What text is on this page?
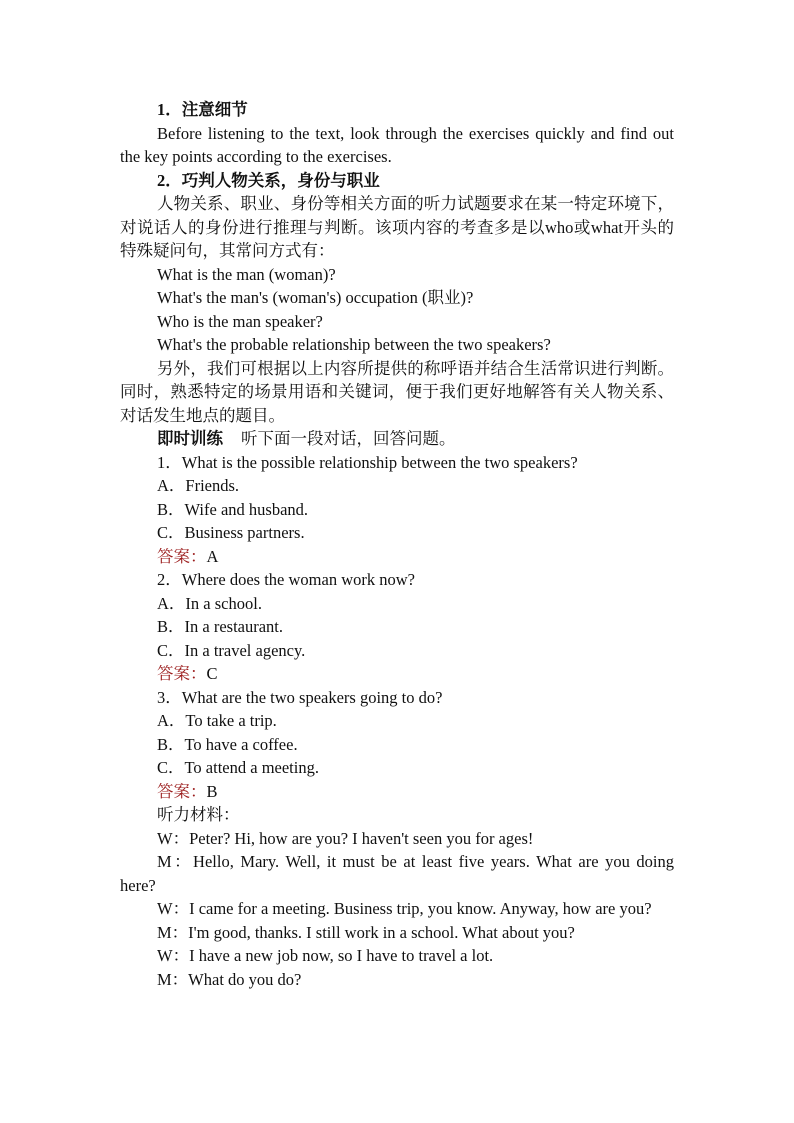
1．注意细节
Before listening to the text, look through the exercises quickly and find out the key points according to the exercises.
2．巧判人物关系，身份与职业
人物关系、职业、身份等相关方面的听力试题要求在某一特定环境下，对说话人的身份进行推理与判断。该项内容的考查多是以who或what开头的特殊疑问句，其常问方式有：
What is the man (woman)?
What's the man's (woman's) occupation (职业)?
Who is the man speaker?
What's the probable relationship between the two speakers?
另外，我们可根据以上内容所提供的称呼语并结合生活常识进行判断。同时，熟悉特定的场景用语和关键词，便于我们更好地解答有关人物关系、对话发生地点的题目。
即时训练 听下面一段对话，回答问题。
1．What is the possible relationship between the two speakers?
A．Friends.
B．Wife and husband.
C．Business partners.
答案：A
2．Where does the woman work now?
A．In a school.
B．In a restaurant.
C．In a travel agency.
答案：C
3．What are the two speakers going to do?
A．To take a trip.
B．To have a coffee.
C．To attend a meeting.
答案：B
听力材料：
W：Peter? Hi, how are you? I haven't seen you for ages!
M：Hello, Mary. Well, it must be at least five years. What are you doing here?
W：I came for a meeting. Business trip, you know. Anyway, how are you?
M：I'm good, thanks. I still work in a school. What about you?
W：I have a new job now, so I have to travel a lot.
M：What do you do?
